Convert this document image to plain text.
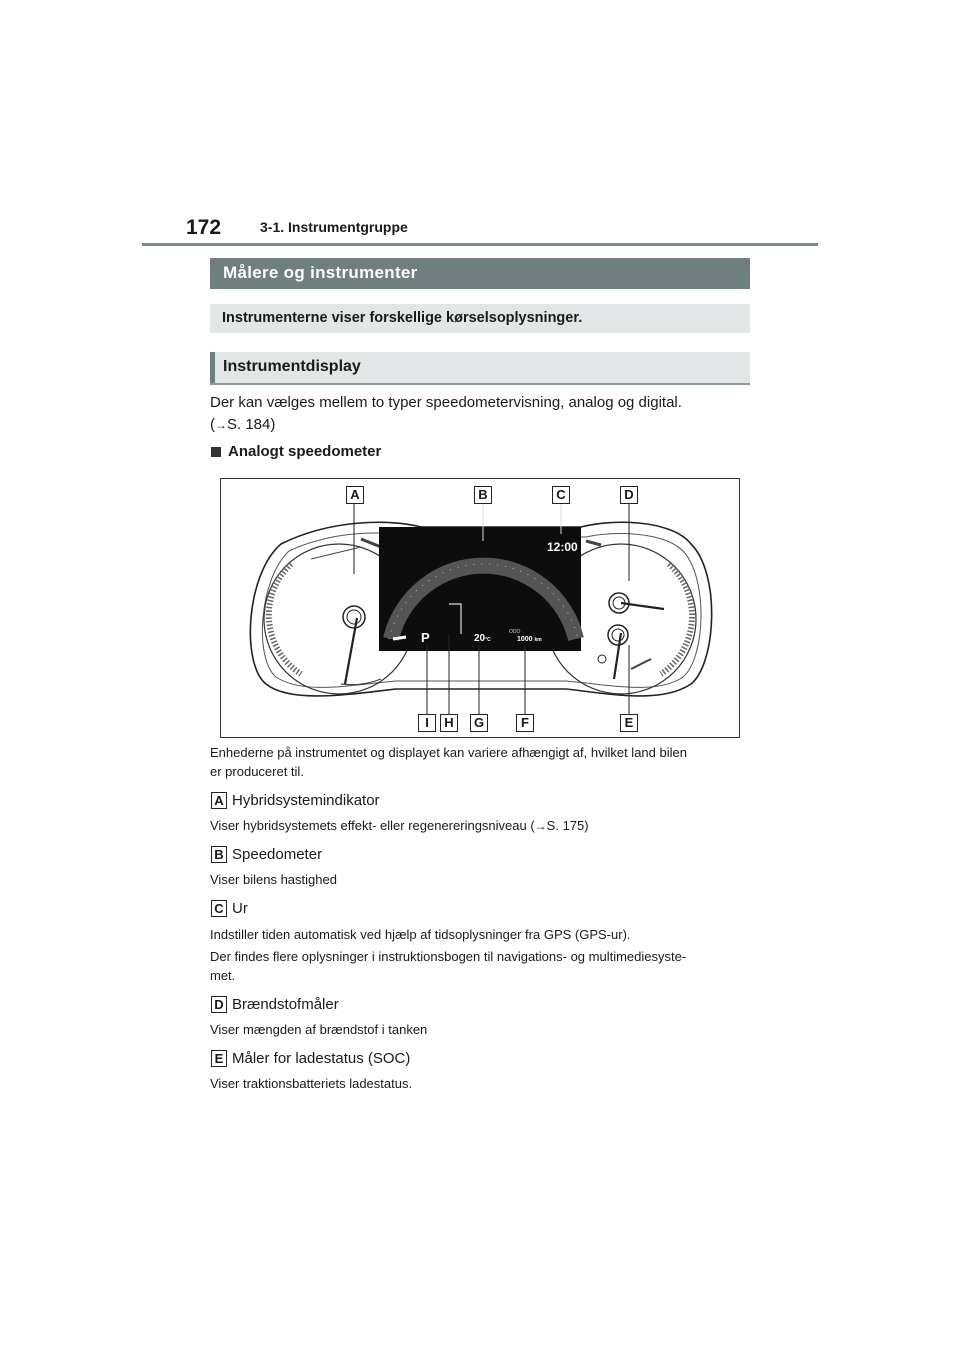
172	3-1. Instrumentgruppe
Målere og instrumenter
Instrumenterne viser forskellige kørselsoplysninger.
Instrumentdisplay
Der kan vælges mellem to typer speedometervisning, analog og digital.
(→S. 184)
Analogt speedometer
12:00
P	20°C
ODO
1000 km
A	B	C	D
I	H	G	F	E
Enhederne på instrumentet og displayet kan variere afhængigt af, hvilket land bilen
er produceret til.
A Hybridsystemindikator
Viser hybridsystemets effekt- eller regenereringsniveau (→S. 175)
B Speedometer
Viser bilens hastighed
C Ur
Indstiller tiden automatisk ved hjælp af tidsoplysninger fra GPS (GPS-ur).
Der findes flere oplysninger i instruktionsbogen til navigations- og multimediesyste-
met.
D Brændstofmåler
Viser mængden af brændstof i tanken
E Måler for ladestatus (SOC)
Viser traktionsbatteriets ladestatus.
